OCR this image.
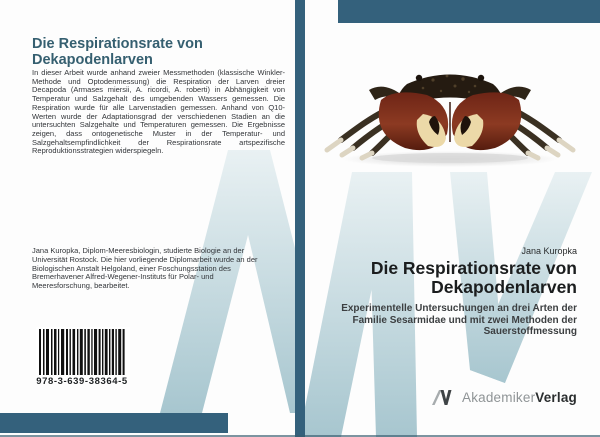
Die Respirationsrate von Dekapodenlarven
In dieser Arbeit wurde anhand zweier Messmethoden (klassische Winkler-Methode und Optodenmessung) die Respiration der Larven dreier Decapoda (Armases miersii, A. ricordi, A. roberti) in Abhängigkeit von Temperatur und Salzgehalt des umgebenden Wassers gemessen. Die Respiration wurde für alle Larvenstadien gemessen. Anhand von Q10-Werten wurde der Adaptationsgrad der verschiedenen Stadien an die untersuchten Salzgehalte und Temperaturen gemessen. Die Ergebnisse zeigen, dass ontogenetische Muster in der Temperatur- und Salzgehaltsempfindlichkeit der Respirationsrate artspezifische Reproduktionsstrategien widerspiegeln.
Jana Kuropka, Diplom-Meeresbiologin, studierte Biologie an der Universität Rostock. Die hier vorliegende Diplomarbeit wurde an der Biologischen Anstalt Helgoland, einer Foschungsstation des Bremerhavener Alfred-Wegener-Instituts für Polar- und Meeresforschung, bearbeitet.
978-3-639-38364-5
Jana Kuropka
Die Respirationsrate von Dekapodenlarven
Experimentelle Untersuchungen an drei Arten der Familie Sesarmidae und mit zwei Methoden der Sauerstoffmessung
AkademikerVerlag
